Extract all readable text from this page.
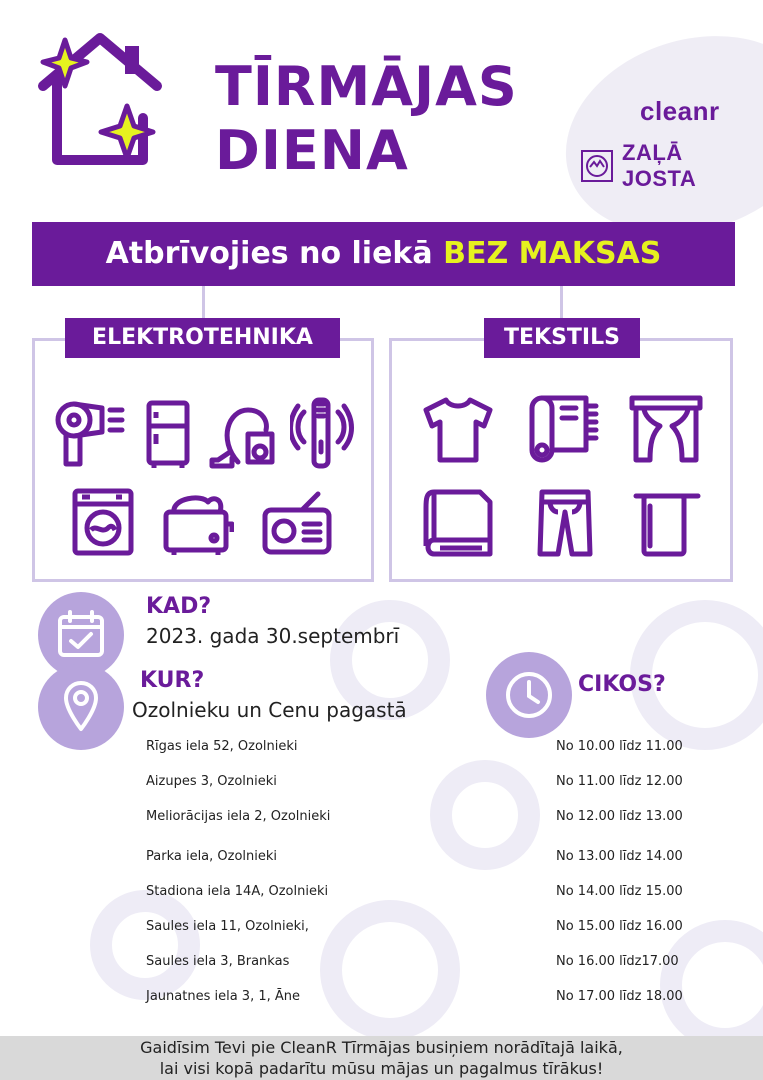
TĪRMĀJAS
DIENA
cleanr
ZAĻĀ JOSTA
Atbrīvojies no liekā BEZ MAKSAS
ELEKTROTEHNIKA	TEKSTILS
KAD?
2023. gada 30.septembrī
KUR?
Ozolnieku un Cenu pagastā
CIKOS?
Rīgas iela 52, Ozolnieki	No 10.00 līdz 11.00
Aizupes 3, Ozolnieki	No 11.00 līdz 12.00
Meliorācijas iela 2, Ozolnieki	No 12.00 līdz 13.00
Parka iela, Ozolnieki	No 13.00 līdz 14.00
Stadiona iela 14A, Ozolnieki	No 14.00 līdz 15.00
Saules iela 11, Ozolnieki,	No 15.00 līdz 16.00
Saules iela 3, Brankas	No 16.00 līdz17.00
Jaunatnes iela 3, 1, Āne	No 17.00 līdz 18.00
Gaidīsim Tevi pie CleanR Tīrmājas busiņiem norādītajā laikā,
lai visi kopā padarītu mūsu mājas un pagalmus tīrākus!
